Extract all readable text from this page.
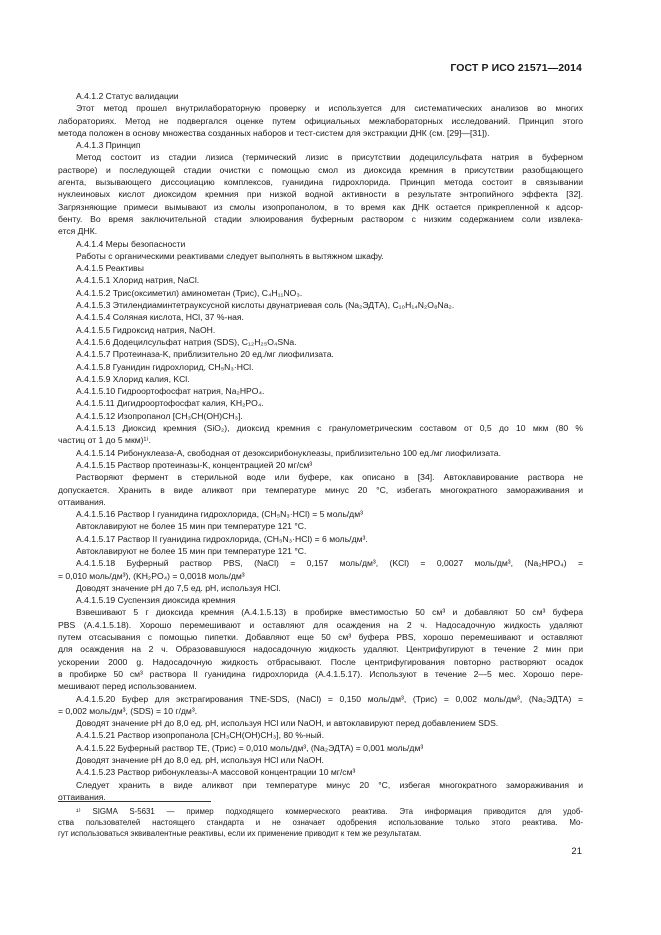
ГОСТ Р ИСО 21571—2014

А.4.1.2 Статус валидации

Этот метод прошел внутрилабораторную проверку и используется для систематических анализов во многих

лабораториях. Метод не подвергался оценке путем официальных межлабораторных исследований. Принцип этого

метода положен в основу множества созданных наборов и тест-систем для экстракции ДНК (см. [29]—[31]).

А.4.1.3 Принцип

Метод состоит из стадии лизиса (термический лизис в присутствии додецилсульфата натрия в буферном

растворе) и последующей стадии очистки с помощью смол из диоксида кремния в присутствии разобщающего

агента, вызывающего диссоциацию комплексов, гуанидина гидрохлорида. Принцип метода состоит в связывании

нуклеиновых кислот диоксидом кремния при низкой водной активности в результате энтропийного эффекта [32].

Загрязняющие примеси вымывают из смолы изопропанолом, в то время как ДНК остается прикрепленной к адсор-

бенту. Во время заключительной стадии элюирования буферным раствором с низким содержанием соли извлека-

ется ДНК.

А.4.1.4 Меры безопасности

Работы с органическими реактивами следует выполнять в вытяжном шкафу.

А.4.1.5 Реактивы

А.4.1.5.1 Хлорид натрия, NaCl.

А.4.1.5.2 Трис(оксиметил) аминометан (Трис), C₄H₁₁NO₃.

А.4.1.5.3 Этилендиаминтетрауксусной кислоты двунатриевая соль (Na₂ЭДТА), C₁₀H₁₄N₂O₈Na₂.

А.4.1.5.4 Соляная кислота, HCl, 37 %-ная.

А.4.1.5.5 Гидроксид натрия, NaOH.

А.4.1.5.6 Додецилсульфат натрия (SDS), C₁₂H₂₅O₄SNa.

А.4.1.5.7 Протеиназа-K, приблизительно 20 ед./мг лиофилизата.

А.4.1.5.8 Гуанидин гидрохлорид, CH₅N₃·HCl.

А.4.1.5.9 Хлорид калия, KCl.

А.4.1.5.10 Гидроортофосфат натрия, Na₂HPO₄.

А.4.1.5.11 Дигидроортофосфат калия, KH₂PO₄.

А.4.1.5.12 Изопропанол [CH₃CH(OH)CH₃].

А.4.1.5.13 Диоксид кремния (SiO₂), диоксид кремния с гранулометрическим составом от 0,5 до 10 мкм (80 %

частиц от 1 до 5 мкм)¹⁾.

А.4.1.5.14 Рибонуклеаза-А, свободная от дезоксирибонуклеазы, приблизительно 100 ед./мг лиофилизата.

А.4.1.5.15 Раствор протеиназы-K, концентрацией 20 мг/см³

Растворяют фермент в стерильной воде или буфере, как описано в [34]. Автоклавирование раствора не

допускается. Хранить в виде аликвот при температуре минус 20 °С, избегать многократного замораживания и

оттаивания.

А.4.1.5.16 Раствор I гуанидина гидрохлорида, (CH₅N₃·HCl) = 5 моль/дм³

Автоклавируют не более 15 мин при температуре 121 °С.

А.4.1.5.17 Раствор II гуанидина гидрохлорида, (CH₅N₃·HCl) = 6 моль/дм³.

Автоклавируют не более 15 мин при температуре 121 °С.

А.4.1.5.18 Буферный раствор PBS, (NaCl) = 0,157 моль/дм³, (KCl) = 0,0027 моль/дм³, (Na₂HPO₄) =

= 0,010 моль/дм³), (KH₂PO₄) = 0,0018 моль/дм³

Доводят значение pH до 7,5 ед. pH, используя HCl.

А.4.1.5.19 Суспензия диоксида кремния

Взвешивают 5 г диоксида кремния (А.4.1.5.13) в пробирке вместимостью 50 см³ и добавляют 50 см³ буфера

PBS (А.4.1.5.18). Хорошо перемешивают и оставляют для осаждения на 2 ч. Надосадочную жидкость удаляют

путем отсасывания с помощью пипетки. Добавляют еще 50 см³ буфера PBS, хорошо перемешивают и оставляют

для осаждения на 2 ч. Образовавшуюся надосадочную жидкость удаляют. Центрифугируют в течение 2 мин при

ускорении 2000 g. Надосадочную жидкость отбрасывают. После центрифугирования повторно растворяют осадок

в пробирке 50 см³ раствора II гуанидина гидрохлорида (А.4.1.5.17). Используют в течение 2—5 мес. Хорошо пере-

мешивают перед использованием.

А.4.1.5.20 Буфер для экстрагирования TNE-SDS, (NaCl) = 0,150 моль/дм³, (Трис) = 0,002 моль/дм³, (Na₂ЭДТА) =

= 0,002 моль/дм³, (SDS) = 10 г/дм³.

Доводят значение pH до 8,0 ед. pH, используя HCl или NaOH, и автоклавируют перед добавлением SDS.

А.4.1.5.21 Раствор изопропанола [CH₃CH(OH)CH₃], 80 %-ный.

А.4.1.5.22 Буферный раствор TE, (Трис) = 0,010 моль/дм³, (Na₂ЭДТА) = 0,001 моль/дм³

Доводят значение pH до 8,0 ед. pH, используя HCl или NaOH.

А.4.1.5.23 Раствор рибонуклеазы-А массовой концентрации 10 мг/см³

Следует хранить в виде аликвот при температуре минус 20 °С, избегая многократного замораживания и

оттаивания.

¹⁾ SIGMA S-5631 — пример подходящего коммерческого реактива. Эта информация приводится для удоб-

ства пользователей настоящего стандарта и не означает одобрения использование только этого реактива. Мо-

гут использоваться эквивалентные реактивы, если их применение приводит к тем же результатам.

21
